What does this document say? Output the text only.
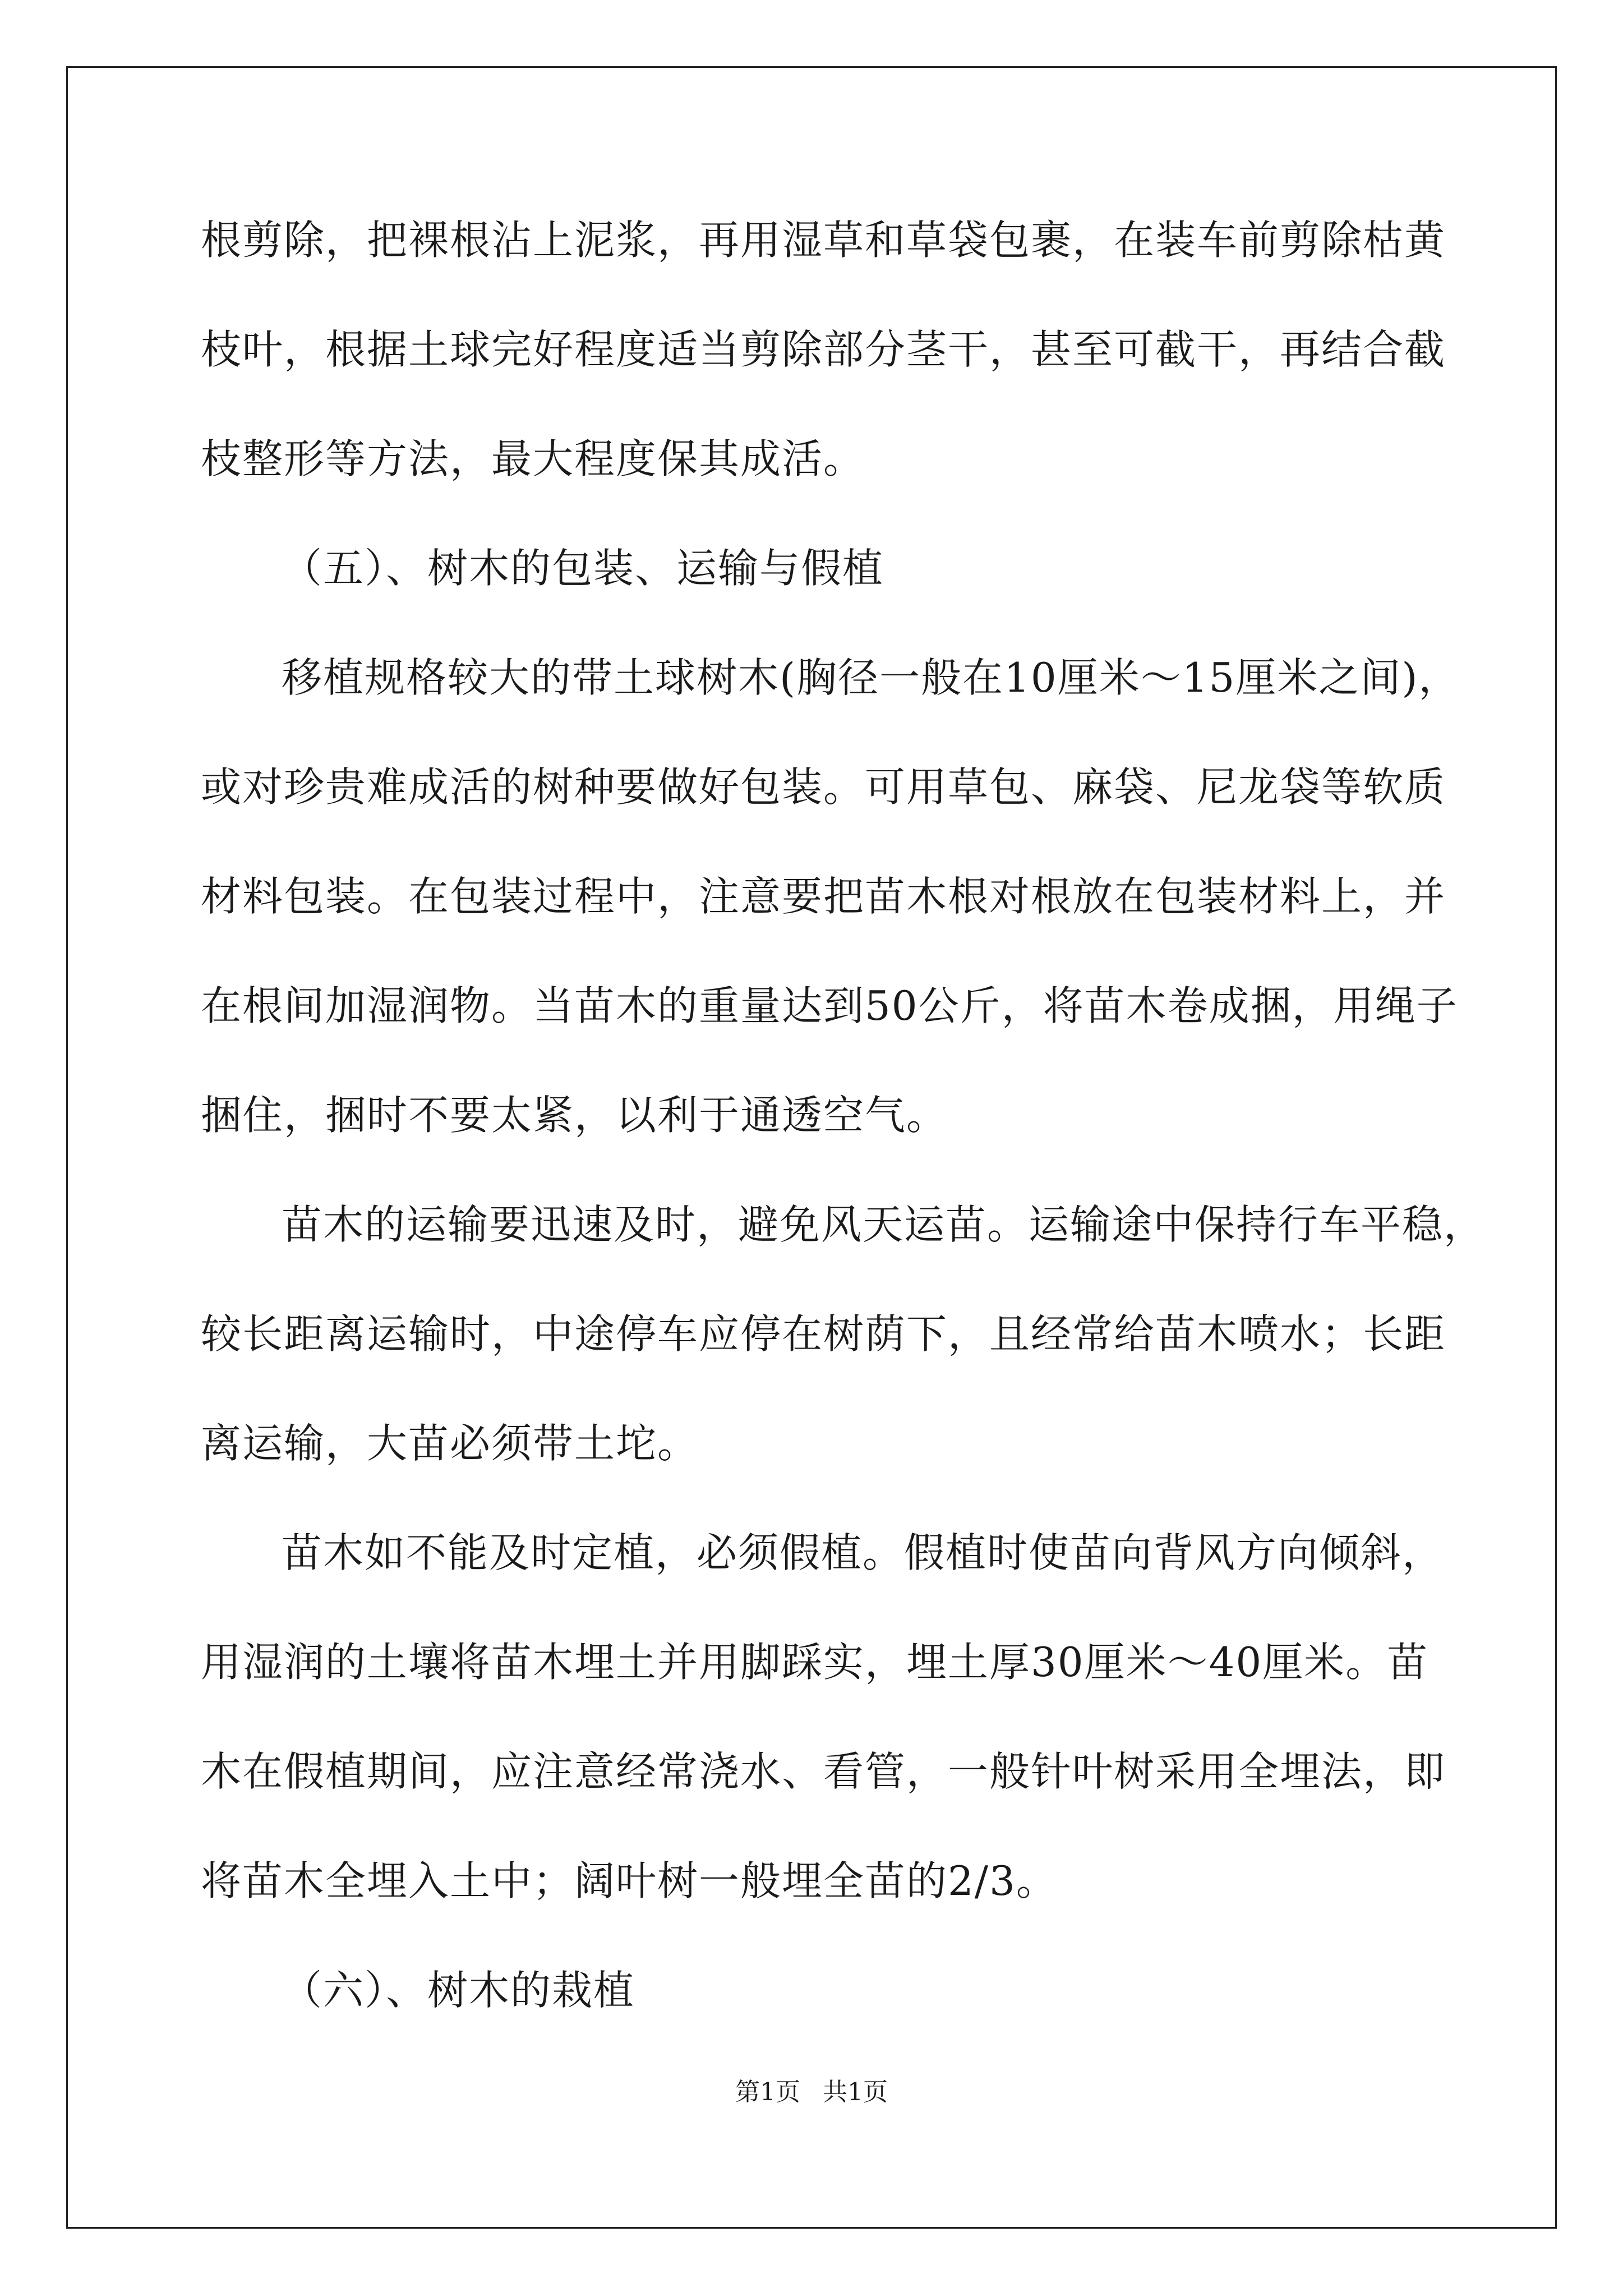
根剪除，把裸根沾上泥浆，再用湿草和草袋包裹，在装车前剪除枯黄
枝叶，根据土球完好程度适当剪除部分茎干，甚至可截干，再结合截
枝整形等方法，最大程度保其成活。
（五）、树木的包装、运输与假植
移植规格较大的带土球树木(胸径一般在10厘米～15厘米之间)，
或对珍贵难成活的树种要做好包装。可用草包、麻袋、尼龙袋等软质
材料包装。在包装过程中，注意要把苗木根对根放在包装材料上，并
在根间加湿润物。当苗木的重量达到50公斤，将苗木卷成捆，用绳子
捆住，捆时不要太紧，以利于通透空气。
苗木的运输要迅速及时，避免风天运苗。运输途中保持行车平稳，
较长距离运输时，中途停车应停在树荫下，且经常给苗木喷水；长距
离运输，大苗必须带土坨。
苗木如不能及时定植，必须假植。假植时使苗向背风方向倾斜，
用湿润的土壤将苗木埋土并用脚踩实，埋土厚30厘米～40厘米。苗
木在假植期间，应注意经常浇水、看管，一般针叶树采用全埋法，即
将苗木全埋入土中；阔叶树一般埋全苗的2/3。
（六）、树木的栽植
第1页 共1页
